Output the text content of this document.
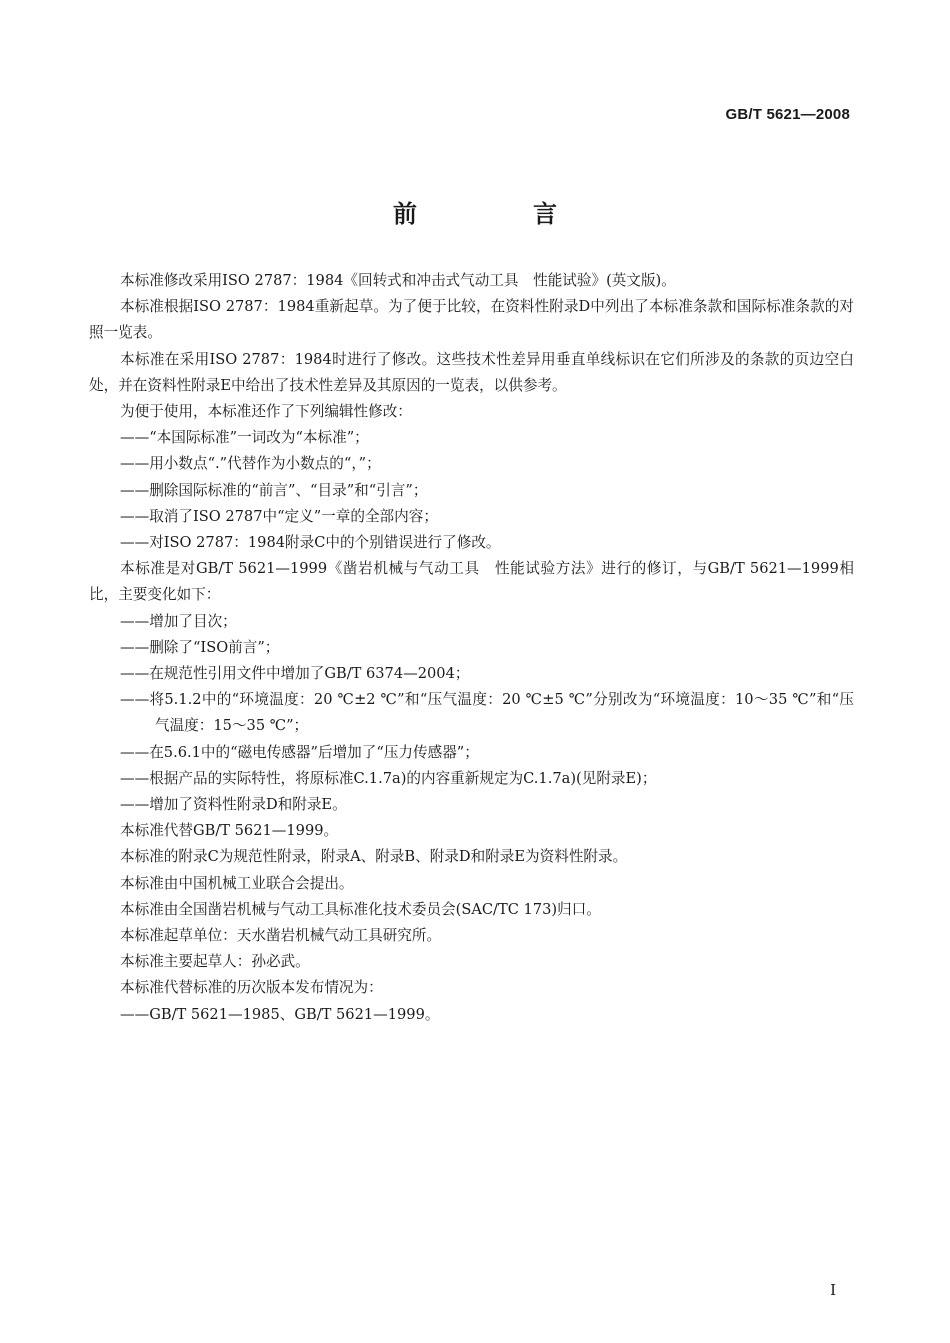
GB/T 5621—2008
前　言

本标准修改采用ISO 2787：1984《回转式和冲击式气动工具　性能试验》(英文版)。

本标准根据ISO 2787：1984重新起草。为了便于比较，在资料性附录D中列出了本标准条款和国际标准条款的对照一览表。

本标准在采用ISO 2787：1984时进行了修改。这些技术性差异用垂直单线标识在它们所涉及的条款的页边空白处，并在资料性附录E中给出了技术性差异及其原因的一览表，以供参考。

为便于使用，本标准还作了下列编辑性修改：

——“本国际标准”一词改为“本标准”；

——用小数点“.”代替作为小数点的“，”；

——删除国际标准的“前言”、“目录”和“引言”；

——取消了ISO 2787中“定义”一章的全部内容；

——对ISO 2787：1984附录C中的个别错误进行了修改。

本标准是对GB/T 5621—1999《凿岩机械与气动工具　性能试验方法》进行的修订，与GB/T 5621—1999相比，主要变化如下：

——增加了目次；

——删除了“ISO前言”；

——在规范性引用文件中增加了GB/T 6374—2004；

——将5.1.2中的“环境温度：20 ℃±2 ℃”和“压气温度：20 ℃±5 ℃”分别改为“环境温度：10～35 ℃”和“压气温度：15～35 ℃”；

——在5.6.1中的“磁电传感器”后增加了“压力传感器”；

——根据产品的实际特性，将原标准C.1.7a)的内容重新规定为C.1.7a)(见附录E)；

——增加了资料性附录D和附录E。

本标准代替GB/T 5621—1999。

本标准的附录C为规范性附录，附录A、附录B、附录D和附录E为资料性附录。

本标准由中国机械工业联合会提出。

本标准由全国凿岩机械与气动工具标准化技术委员会(SAC/TC 173)归口。

本标准起草单位：天水凿岩机械气动工具研究所。

本标准主要起草人：孙必武。

本标准代替标准的历次版本发布情况为：

——GB/T 5621—1985、GB/T 5621—1999。

I
